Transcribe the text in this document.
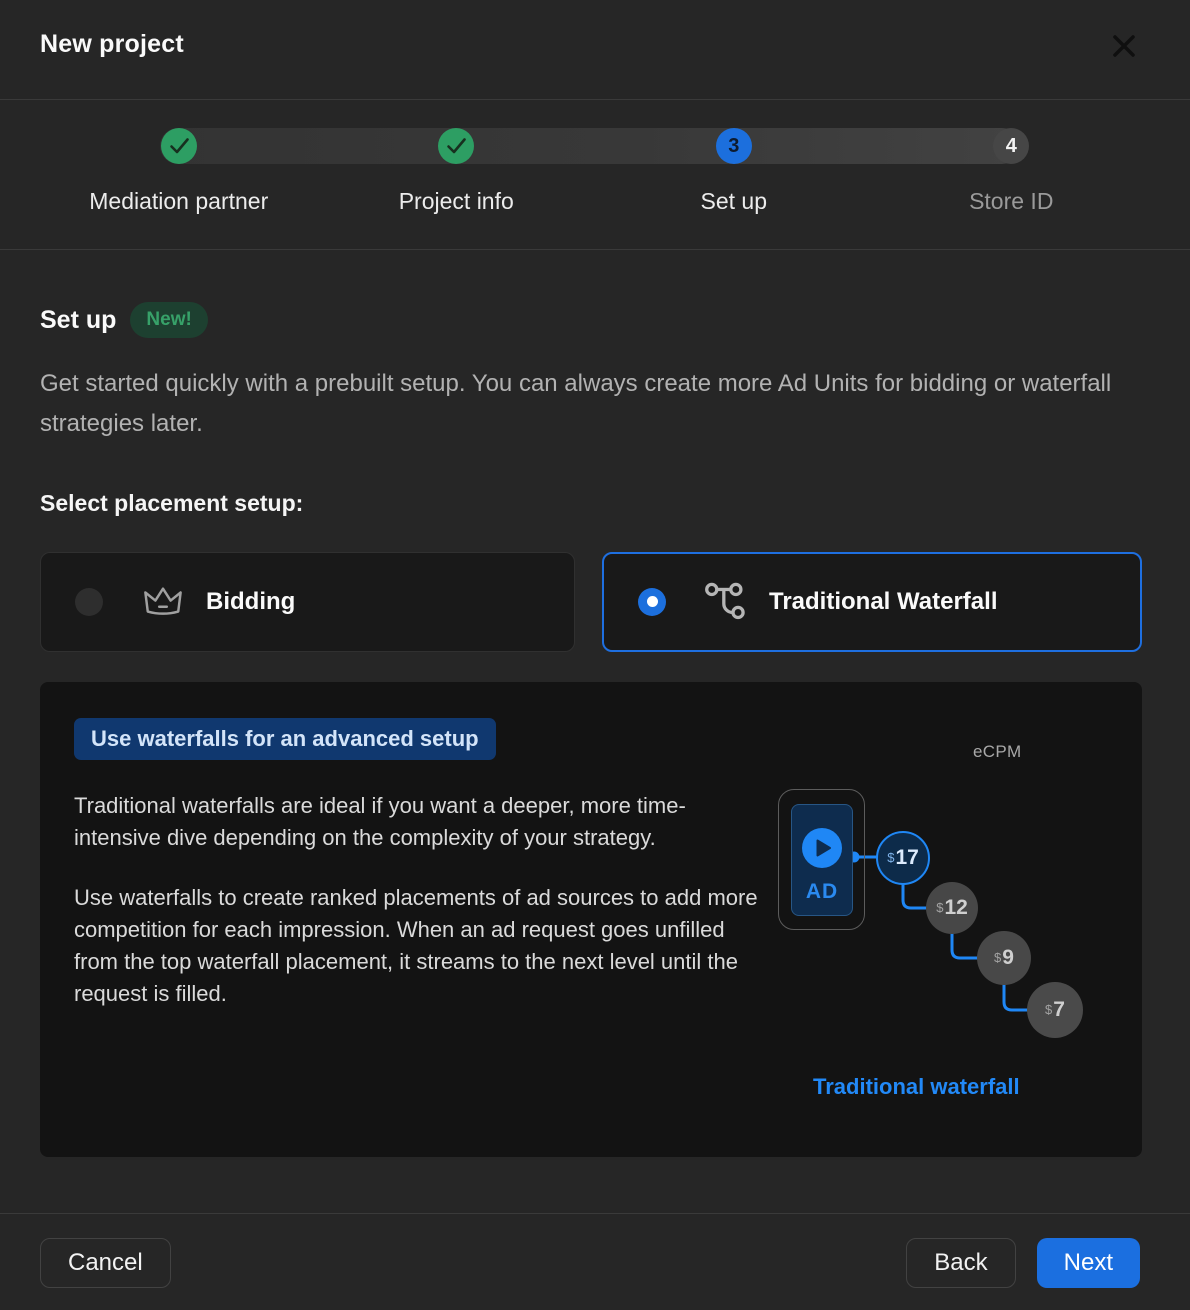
New project
Mediation partner	Project info
3
Set up
4
Store ID
Set up	New!

Get started quickly with a prebuilt setup. You can always create more Ad Units for bidding or waterfall strategies later.

Select placement setup:

Bidding	Traditional Waterfall
Use waterfalls for an advanced setup

Traditional waterfalls are ideal if you want a deeper, more time-intensive dive depending on the complexity of your strategy.

Use waterfalls to create ranked placements of ad sources to add more competition for each impression. When an ad request goes unfilled from the top waterfall placement, it streams to the next level until the request is filled.

eCPM
AD
$ 17
$ 12
$ 9
$ 7
Traditional waterfall
Cancel	Back	Next
